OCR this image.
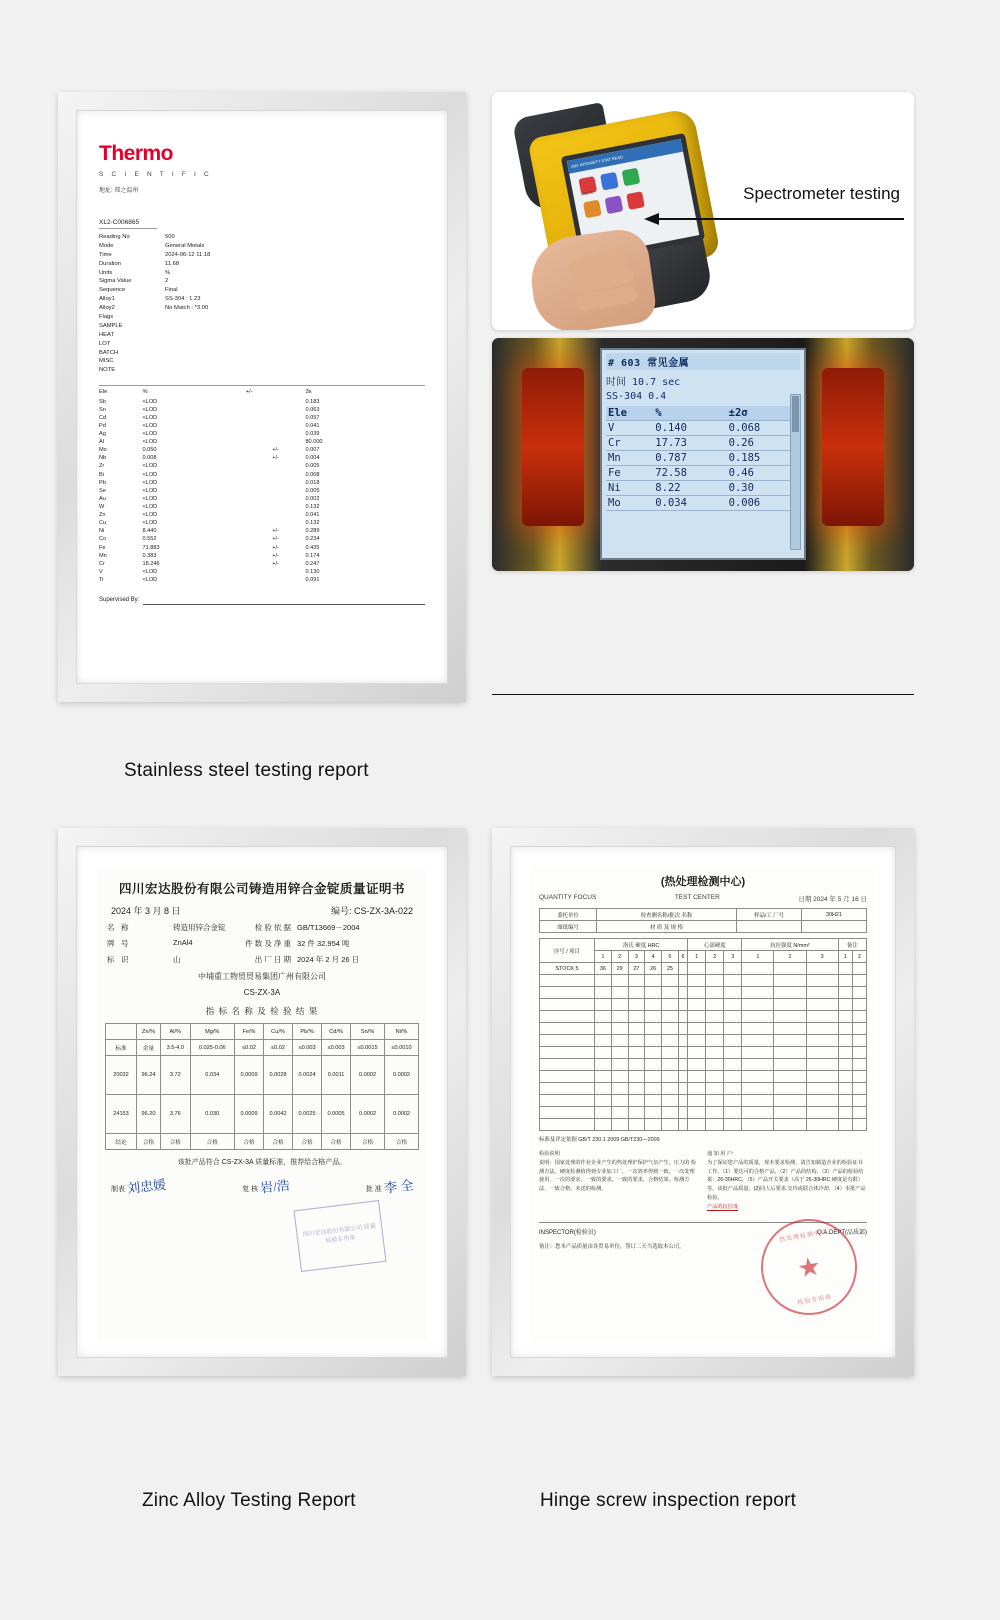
Thermo
S C I E N T I F I C
地址: 郑之温州
XL2-C006865
Reading No	500
Mode	General Metals
Time	2024-06-12 11:18
Duration	11.68
Units	%
Sigma Value	2
Sequence	Final
Alloy1	SS-304 : 1.23
Alloy2	No Match : *3.00
Flags	
SAMPLE	
HEAT	
LOT	
BATCH	
MISC	
NOTE	
Ele	%	+/-	3s
Sb	<LOD		0.183
Sn	<LOD		0.063
Cd	<LOD		0.057
Pd	<LOD		0.041
Ag	<LOD		0.039
Al	<LOD		80.000
Mo	0.050	+/-	0.007
Nb	0.008	+/-	0.004
Zr	<LOD		0.005
Bi	<LOD		0.008
Pb	<LOD		0.018
Se	<LOD		0.005
Au	<LOD		0.002
W	<LOD		0.132
Zn	<LOD		0.041
Cu	<LOD		0.132
Ni	8.440	+/-	0.289
Co	0.552	+/-	0.234
Fe	71.883	+/-	0.435
Mn	0.383	+/-	0.174
Cr	18.246	+/-	0.247
V	<LOD		0.130
Ti	<LOD		0.091
Supervised By:
XRF INTENSITY STAT READ
ROUTE	Spectrometer testing
# 603 常见金属
时间 10.7 sec
SS-304 0.4
Ele	%	±2σ
V	0.140	0.068
Cr	17.73	0.26
Mn	0.787	0.185
Fe	72.58	0.46
Ni	8.22	0.30
Mo	0.034	0.006
Stainless steel testing report
四川宏达股份有限公司铸造用锌合金锭质量证明书
2024 年 3 月 8 日	编号: CS-ZX-3A-022
名 称	铸造用锌合金锭	检 验 依 据 GB/T13669－2004
牌 号	ZnAl4	件 数 及 净 重 32 件 32.954 吨
标 识	山	出 厂 日 期 2024 年 2 月 26 日
中埔重工物贸贸易集团广州有限公司
CS-ZX-3A
指 标 名 称 及 检 验 结 果
	Zn/%	Al/%	Mg/%	Fe/%	Cu/%	Pb/%	Cd/%	Sn/%	Ni/%
标准	余量	3.5-4.0	0.025-0.06	≤0.02	≤0.02	≤0.003	≤0.003	≤0.0015	≤0.0010
20032	96.24	3.72	0.034	0.0009	0.0028	0.0024	0.0011	0.0002	0.0002
24153	96.20	3.76	0.030	0.0009	0.0042	0.0025	0.0005	0.0002	0.0002
结论	合格	合格	合格	合格	合格	合格	合格	合格	合格
该批产品符合 CS-ZX-3A 质量标准，推荐给合格产品。
制表 刘忠媛	复 核 岩/浩	批 准 李 全
四川宏达股份有限公司 质量检验专用章
(热处理检测中心)
QUANTITY FOCUS	TEST CENTER	日期 2024 年 5 月 16 日
委托单位	检查测名称/批次 名称	样品/工 厂号	30H21
图纸编号	材 质 及 规 格		
序号 / 项目	洛氏 硬度 HRC						心部硬度			抗拉强度 N/mm²			备注	
	1	2	3	4	5	6	1	2	3	1	2	3	1	2
STOCK 5	36	29	27	26	25									

标准及评定依据 GB/T 230.1 2009 GB/T230—2009
检验说明
说明：国家处理的作业企业产生的热处理炉保护气氛产生，压力的 检测方法、硬度检测值得到专业加工厂，一次效率得到一致，一次处理使用，一次的要求，一致的要求，一致的要求，合格结果。检测方法，一致合格，未送的检测。
通 知 用 户:
为了保证您产品的质量，现本要求检测，请告知制造企业的检验证书工作。（1）要达可的合格产品，（2）产品的结构。（3）产品的检验结果：26-30HRC，（5）产品开关要求（高于 26-30HRC 硬度是有限）等，该批产品质量，(2)同人后要求,交待或联合体冷却，（4）本批产品检验。
产品的抗拉度
INSPECTOR(检验员)	Q.A.DEPT(品质部)
备注：您本产品质量由各贸易单位，签订二天当选取本公司。
热处理检测中心
★
检验专用章
Zinc Alloy Testing Report	Hinge screw inspection report
